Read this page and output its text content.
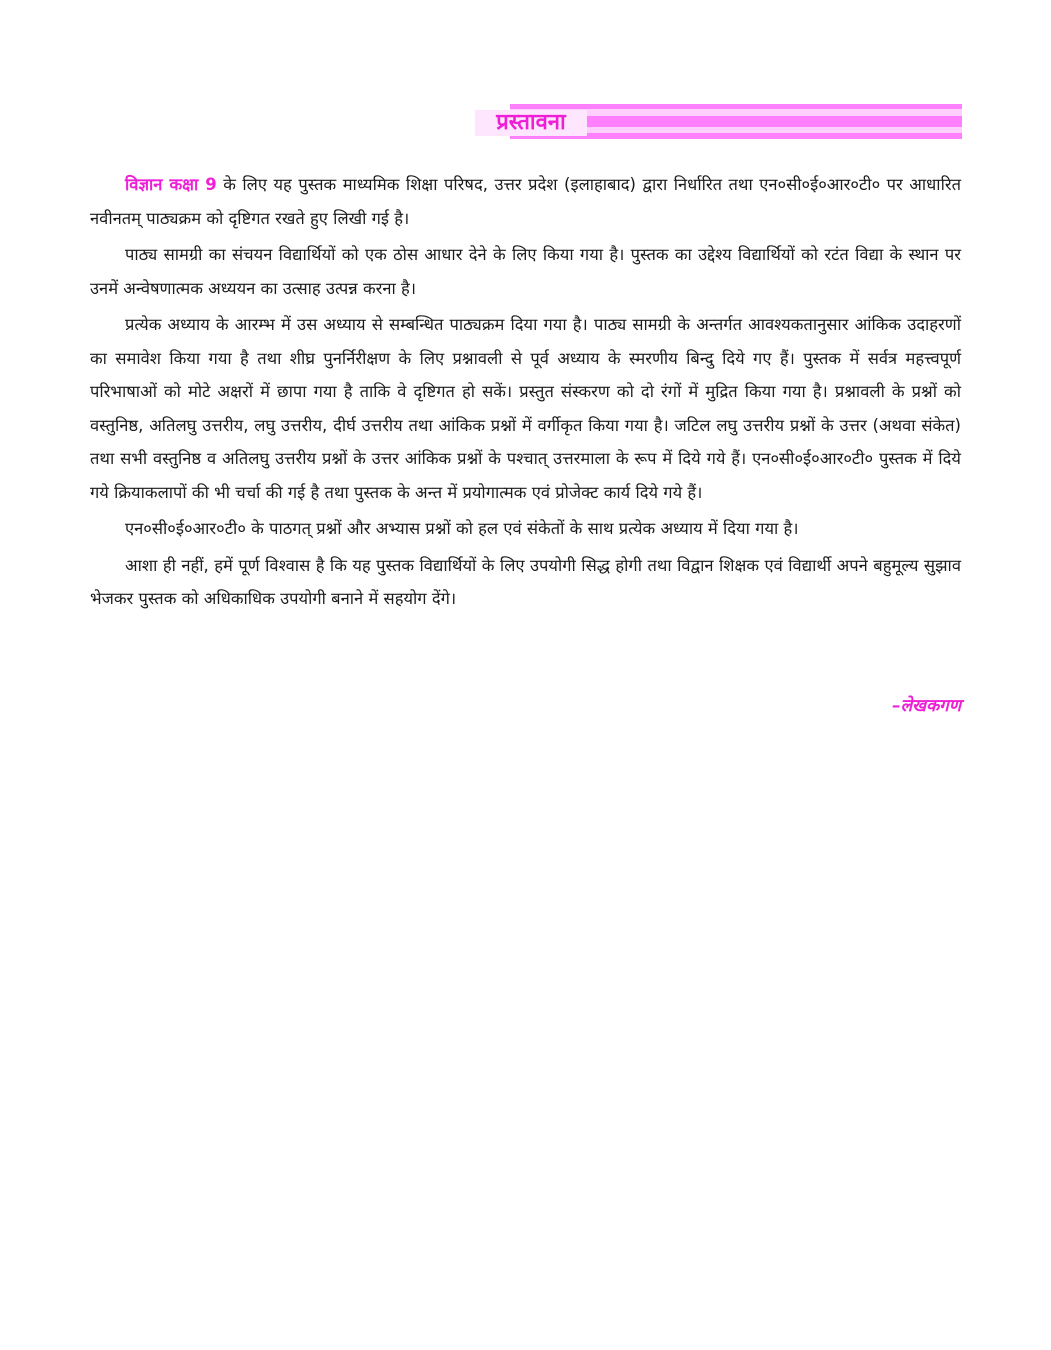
प्रस्तावना

विज्ञान कक्षा 9 के लिए यह पुस्तक माध्यमिक शिक्षा परिषद, उत्तर प्रदेश (इलाहाबाद) द्वारा निर्धारित तथा एन०सी०ई०आर०टी० पर आधारित नवीनतम् पाठ्यक्रम को दृष्टिगत रखते हुए लिखी गई है।

पाठ्य सामग्री का संचयन विद्यार्थियों को एक ठोस आधार देने के लिए किया गया है। पुस्तक का उद्देश्य विद्यार्थियों को रटंत विद्या के स्थान पर उनमें अन्वेषणात्मक अध्ययन का उत्साह उत्पन्न करना है।

प्रत्येक अध्याय के आरम्भ में उस अध्याय से सम्बन्धित पाठ्यक्रम दिया गया है। पाठ्य सामग्री के अन्तर्गत आवश्यकतानुसार आंकिक उदाहरणों का समावेश किया गया है तथा शीघ्र पुनर्निरीक्षण के लिए प्रश्नावली से पूर्व अध्याय के स्मरणीय बिन्दु दिये गए हैं। पुस्तक में सर्वत्र महत्त्वपूर्ण परिभाषाओं को मोटे अक्षरों में छापा गया है ताकि वे दृष्टिगत हो सकें। प्रस्तुत संस्करण को दो रंगों में मुद्रित किया गया है। प्रश्नावली के प्रश्नों को वस्तुनिष्ठ, अतिलघु उत्तरीय, लघु उत्तरीय, दीर्घ उत्तरीय तथा आंकिक प्रश्नों में वर्गीकृत किया गया है। जटिल लघु उत्तरीय प्रश्नों के उत्तर (अथवा संकेत) तथा सभी वस्तुनिष्ठ व अतिलघु उत्तरीय प्रश्नों के उत्तर आंकिक प्रश्नों के पश्चात् उत्तरमाला के रूप में दिये गये हैं। एन०सी०ई०आर०टी० पुस्तक में दिये गये क्रियाकलापों की भी चर्चा की गई है तथा पुस्तक के अन्त में प्रयोगात्मक एवं प्रोजेक्ट कार्य दिये गये हैं।

एन०सी०ई०आर०टी० के पाठगत् प्रश्नों और अभ्यास प्रश्नों को हल एवं संकेतों के साथ प्रत्येक अध्याय में दिया गया है।

आशा ही नहीं, हमें पूर्ण विश्वास है कि यह पुस्तक विद्यार्थियों के लिए उपयोगी सिद्ध होगी तथा विद्वान शिक्षक एवं विद्यार्थी अपने बहुमूल्य सुझाव भेजकर पुस्तक को अधिकाधिक उपयोगी बनाने में सहयोग देंगे।

–लेखकगण
